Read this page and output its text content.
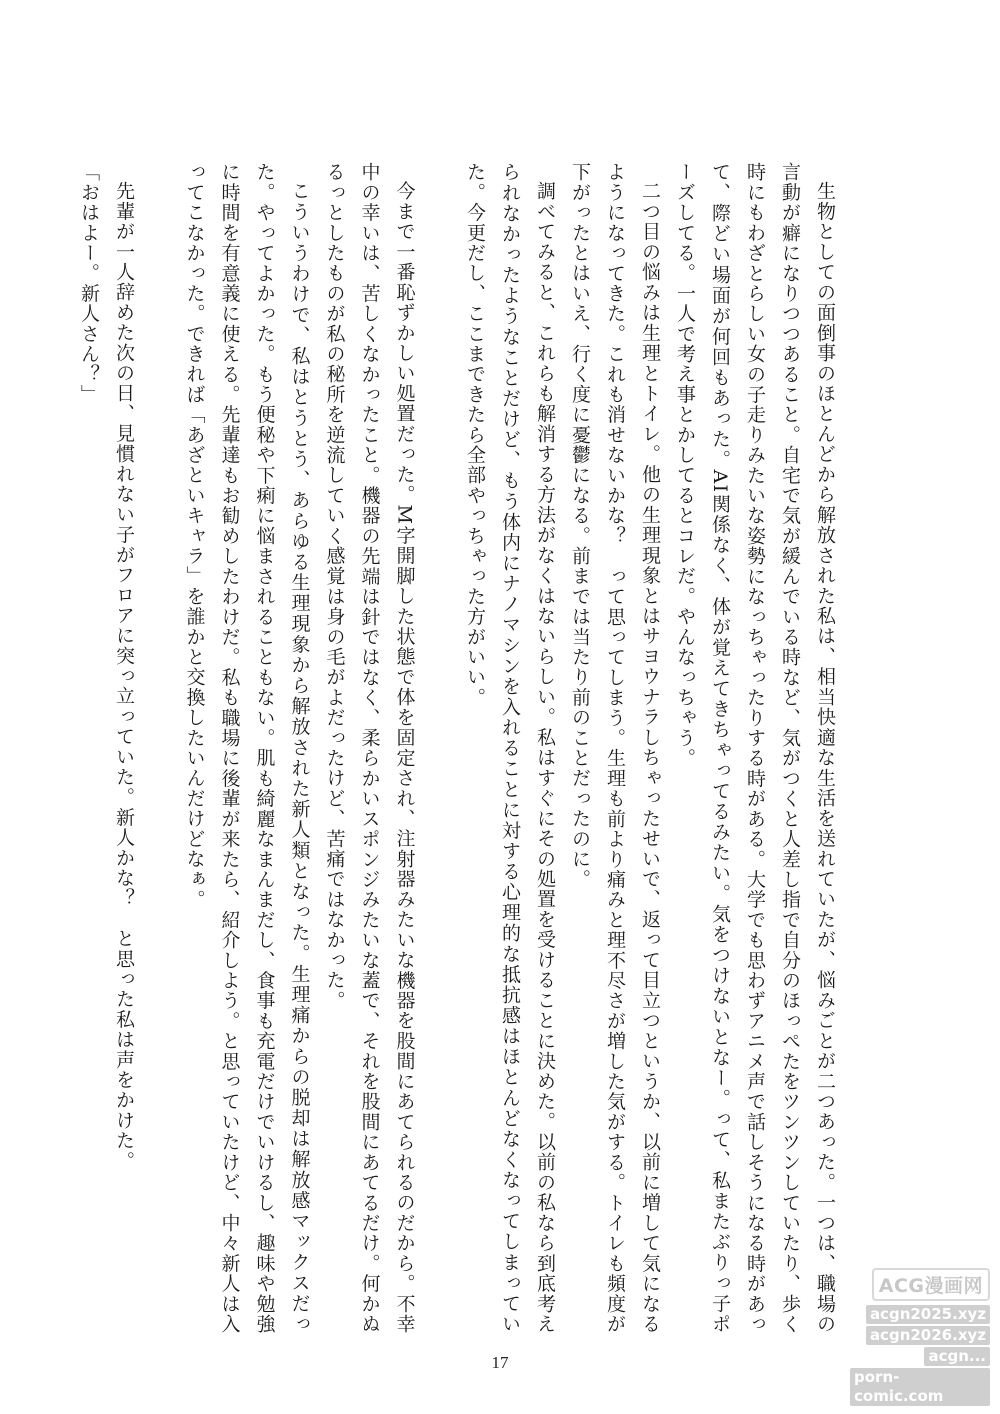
生物としての面倒事のほとんどから解放された私は、相当快適な生活を送れていたが、悩みごとが二つあった。一つは、職場の言動が癖になりつつあること。自宅で気が緩んでいる時など、気がつくと人差し指で自分のほっぺたをツンツンしていたり、歩く時にもわざとらしい女の子走りみたいな姿勢になっちゃったりする時がある。大学でも思わずアニメ声で話しそうになる時があって、際どい場面が何回もあった。AI関係なく、体が覚えてきちゃってるみたい。気をつけないとなー。って、私またぶりっ子ポーズしてる。一人で考え事とかしてるとコレだ。やんなっちゃう。

二つ目の悩みは生理とトイレ。他の生理現象とはサヨウナラしちゃったせいで、返って目立つというか、以前に増して気になるようになってきた。これも消せないかな？　って思ってしまう。生理も前より痛みと理不尽さが増した気がする。トイレも頻度が下がったとはいえ、行く度に憂鬱になる。前までは当たり前のことだったのに。

調べてみると、これらも解消する方法がなくはないらしい。私はすぐにその処置を受けることに決めた。以前の私なら到底考えられなかったようなことだけど、もう体内にナノマシンを入れることに対する心理的な抵抗感はほとんどなくなってしまっていた。今更だし、ここまできたら全部やっちゃった方がいい。

今まで一番恥ずかしい処置だった。M字開脚した状態で体を固定され、注射器みたいな機器を股間にあてられるのだから。不幸中の幸いは、苦しくなかったこと。機器の先端は針ではなく、柔らかいスポンジみたいな蓋で、それを股間にあてるだけ。何かぬるっとしたものが私の秘所を逆流していく感覚は身の毛がよだったけど、苦痛ではなかった。

こういうわけで、私はとうとう、あらゆる生理現象から解放された新人類となった。生理痛からの脱却は解放感マックスだった。やってよかった。もう便秘や下痢に悩まされることもない。肌も綺麗なまんまだし、食事も充電だけでいけるし、趣味や勉強に時間を有意義に使える。先輩達もお勧めしたわけだ。私も職場に後輩が来たら、紹介しよう。と思っていたけど、中々新人は入ってこなかった。できれば「あざといキャラ」を誰かと交換したいんだけどなぁ。

先輩が一人辞めた次の日、見慣れない子がフロアに突っ立っていた。新人かな？　と思った私は声をかけた。

「おはよー。新人さん？」

17
ACG漫画网
acgn2025.xyz
acgn2026.xyz
acgn...
porn-comic.com
